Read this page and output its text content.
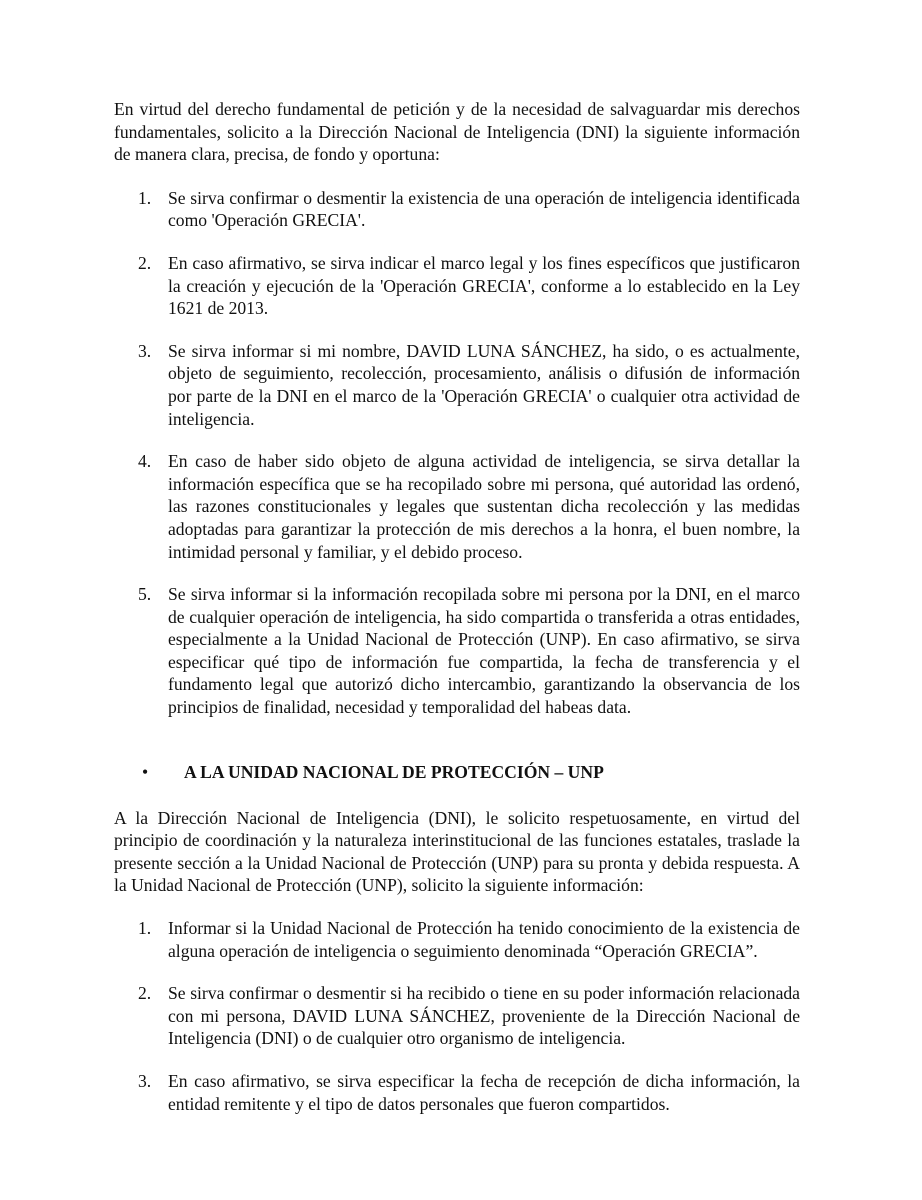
En virtud del derecho fundamental de petición y de la necesidad de salvaguardar mis derechos fundamentales, solicito a la Dirección Nacional de Inteligencia (DNI) la siguiente información de manera clara, precisa, de fondo y oportuna:

1. Se sirva confirmar o desmentir la existencia de una operación de inteligencia identificada como 'Operación GRECIA'.
2. En caso afirmativo, se sirva indicar el marco legal y los fines específicos que justificaron la creación y ejecución de la 'Operación GRECIA', conforme a lo establecido en la Ley 1621 de 2013.
3. Se sirva informar si mi nombre, DAVID LUNA SÁNCHEZ, ha sido, o es actualmente, objeto de seguimiento, recolección, procesamiento, análisis o difusión de información por parte de la DNI en el marco de la 'Operación GRECIA' o cualquier otra actividad de inteligencia.
4. En caso de haber sido objeto de alguna actividad de inteligencia, se sirva detallar la información específica que se ha recopilado sobre mi persona, qué autoridad las ordenó, las razones constitucionales y legales que sustentan dicha recolección y las medidas adoptadas para garantizar la protección de mis derechos a la honra, el buen nombre, la intimidad personal y familiar, y el debido proceso.
5. Se sirva informar si la información recopilada sobre mi persona por la DNI, en el marco de cualquier operación de inteligencia, ha sido compartida o transferida a otras entidades, especialmente a la Unidad Nacional de Protección (UNP). En caso afirmativo, se sirva especificar qué tipo de información fue compartida, la fecha de transferencia y el fundamento legal que autorizó dicho intercambio, garantizando la observancia de los principios de finalidad, necesidad y temporalidad del habeas data.
• A LA UNIDAD NACIONAL DE PROTECCIÓN – UNP

A la Dirección Nacional de Inteligencia (DNI), le solicito respetuosamente, en virtud del principio de coordinación y la naturaleza interinstitucional de las funciones estatales, traslade la presente sección a la Unidad Nacional de Protección (UNP) para su pronta y debida respuesta. A la Unidad Nacional de Protección (UNP), solicito la siguiente información:

1. Informar si la Unidad Nacional de Protección ha tenido conocimiento de la existencia de alguna operación de inteligencia o seguimiento denominada “Operación GRECIA”.
2. Se sirva confirmar o desmentir si ha recibido o tiene en su poder información relacionada con mi persona, DAVID LUNA SÁNCHEZ, proveniente de la Dirección Nacional de Inteligencia (DNI) o de cualquier otro organismo de inteligencia.
3. En caso afirmativo, se sirva especificar la fecha de recepción de dicha información, la entidad remitente y el tipo de datos personales que fueron compartidos.
